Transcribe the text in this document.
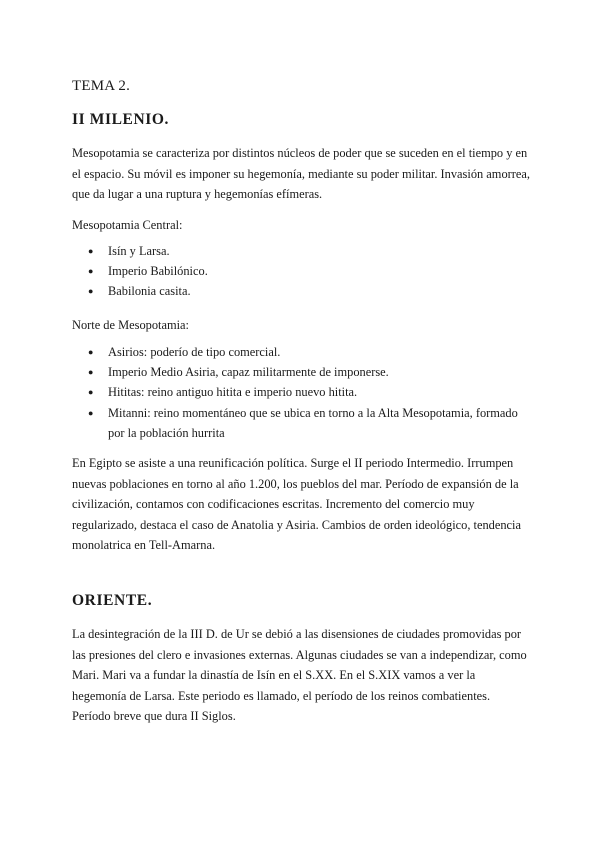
TEMA 2.
II MILENIO.

Mesopotamia se caracteriza por distintos núcleos de poder que se suceden en el tiempo y en el espacio. Su móvil es imponer su hegemonía, mediante su poder militar. Invasión amorrea, que da lugar a una ruptura y hegemonías efímeras.

Mesopotamia Central:

● Isín y Larsa.
● Imperio Babilónico.
● Babilonia casita.

Norte de Mesopotamia:

● Asirios: poderío de tipo comercial.
● Imperio Medio Asiria, capaz militarmente de imponerse.
● Hititas: reino antiguo hitita e imperio nuevo hitita.
● Mitanni: reino momentáneo que se ubica en torno a la Alta Mesopotamia, formado por la población hurrita

En Egipto se asiste a una reunificación política. Surge el II periodo Intermedio. Irrumpen nuevas poblaciones en torno al año 1.200, los pueblos del mar. Período de expansión de la civilización, contamos con codificaciones escritas. Incremento del comercio muy regularizado, destaca el caso de Anatolia y Asiria. Cambios de orden ideológico, tendencia monolatrica en Tell-Amarna.

ORIENTE.

La desintegración de la III D. de Ur se debió a las disensiones de ciudades promovidas por las presiones del clero e invasiones externas. Algunas ciudades se van a independizar, como Mari. Mari va a fundar la dinastía de Isín en el S.XX. En el S.XIX vamos a ver la hegemonía de Larsa. Este periodo es llamado, el período de los reinos combatientes. Período breve que dura II Siglos.
